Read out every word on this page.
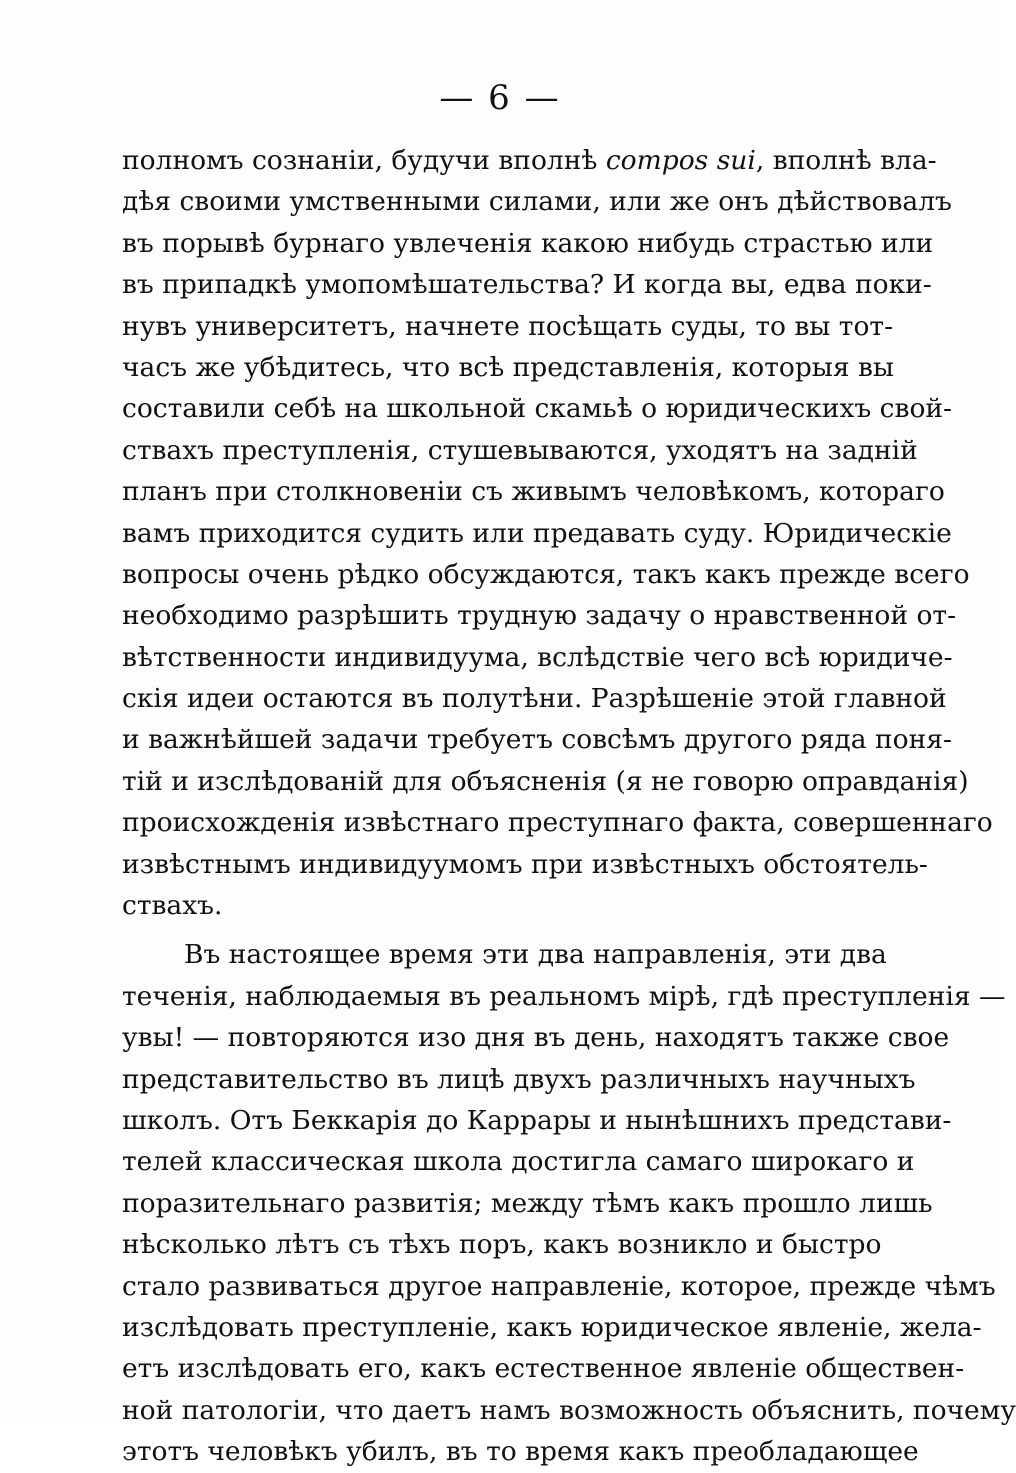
— 6 —
полномъ сознаніи, будучи вполнѣ compos sui, вполнѣ вла-
дѣя своими умственными силами, или же онъ дѣйствовалъ
въ порывѣ бурнаго увлеченія какою нибудь страстью или
въ припадкѣ умопомѣшательства? И когда вы, едва поки-
нувъ университетъ, начнете посѣщать суды, то вы тот-
часъ же убѣдитесь, что всѣ представленія, которыя вы
составили себѣ на школьной скамьѣ о юридическихъ свой-
ствахъ преступленія, стушевываются, уходятъ на задній
планъ при столкновеніи съ живымъ человѣкомъ, котораго
вамъ приходится судить или предавать суду. Юридическіе
вопросы очень рѣдко обсуждаются, такъ какъ прежде всего
необходимо разрѣшить трудную задачу о нравственной от-
вѣтственности индивидуума, вслѣдствіе чего всѣ юридиче-
скія идеи остаются въ полутѣни. Разрѣшеніе этой главной
и важнѣйшей задачи требуетъ совсѣмъ другого ряда поня-
тій и изслѣдованій для объясненія (я не говорю оправданія)
происхожденія извѣстнаго преступнаго факта, совершеннаго
извѣстнымъ индивидуумомъ при извѣстныхъ обстоятель-
ствахъ.
Въ настоящее время эти два направленія, эти два
теченія, наблюдаемыя въ реальномъ мірѣ, гдѣ преступленія —
увы! — повторяются изо дня въ день, находятъ также свое
представительство въ лицѣ двухъ различныхъ научныхъ
школъ. Отъ Беккарія до Каррары и нынѣшнихъ представи-
телей классическая школа достигла самаго широкаго и
поразительнаго развитія; между тѣмъ какъ прошло лишь
нѣсколько лѣтъ съ тѣхъ поръ, какъ возникло и быстро
стало развиваться другое направленіе, которое, прежде чѣмъ
изслѣдовать преступленіе, какъ юридическое явленіе, жела-
етъ изслѣдовать его, какъ естественное явленіе обществен-
ной патологіи, что даетъ намъ возможность объяснить, почему
этотъ человѣкъ убилъ, въ то время какъ преобладающее
